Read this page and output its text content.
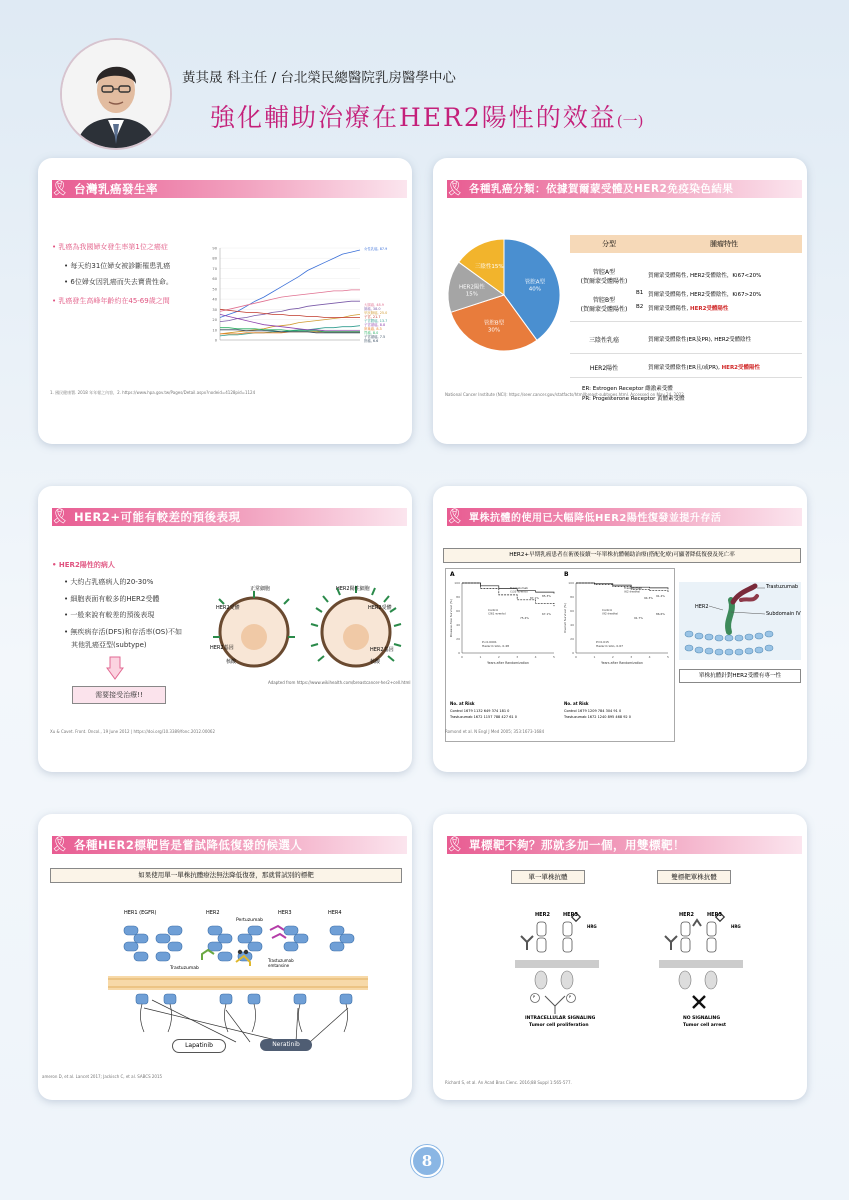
黃其晟 科主任 / 台北榮民總醫院乳房醫學中心
強化輔助治療在HER2陽性的效益(一)
🎗 台灣乳癌發生率
• 乳癌為我國婦女發生率第1位之癌症
• 每天約31位婦女被診斷罹患乳癌
• 6位婦女因乳癌而失去寶貴性命。
• 乳癌發生高峰年齡約在45-69歲之間
90
80
70
60
50
40
30
20
10
0
女性乳癌, 87.9
大腸癌, 48.9
肺癌, 38.0
甲狀腺癌, 25.0
子宮, 21.7
子宮體癌, 13.7
子宮頸癌, 8.8
卵巢癌, 8.3
胃癌, 8.0
子宮頸癌, 7.5
肝癌, 6.6
1. 國民健康署. 2018 年年報之內容，2. https://www.hpa.gov.tw/Pages/Detail.aspx?nodeid=4128pid=1124
🎗 各種乳癌分類：依據賀爾蒙受體及HER2免疫染色結果
管腔A型
40%
管腔B型
30%
HER2陽性
15%
三陰性15%
分型	腫瘤特性
管腔A型
(賀爾蒙受體陽性)
賀爾蒙受體陽性, HER2受體陰性，Ki67<20%
管腔B型
(賀爾蒙受體陽性)
B1 賀爾蒙受體陽性, HER2受體陰性，Ki67>20%
B2 賀爾蒙受體陽性, HER2受體陽性
三陰性乳癌	賀爾蒙受體陰性(ER及PR), HER2受體陰性
HER2陽性	賀爾蒙受體陰性(ER且/或PR), HER2受體陽性
ER: Estrogen Receptor 雌激素受體
PR: Progesterone Receptor 黃體素受體
National Cancer Institute (NCI): https://seer.cancer.gov/statfacts/html/breast-subtypes.html. Accessed on May 24, 2022
🎗 HER2+可能有較差的預後表現
• HER2陽性的病人
• 大約占乳癌病人的20-30%
• 細胞表面有較多的HER2受體
• 一般來說有較差的預後表現
• 無疾病存活(DFS)和存活率(OS)不如
其他乳癌亞型(subtype)
需要接受治療!!
正常細胞	HER2陽性細胞
HER2受體	HER2受體
HER2基因	HER2基因
核酸	核酸
Adapted from https://www.wikihealth.com/breastcancer-her2+cell.html
Xu & Cavet. Front. Oncol., 19 June 2012 | https://doi.org/10.3389/fonc.2012.00062
🎗 單株抗體的使用已大幅降低HER2陽性復發並提升存活
HER2+早期乳癌患者在術後接續一年單株抗體輔助治療(搭配化療)可顯著降低復發及死亡率
A	B
0
20
40
60
80
100
0	1	2	3	4	5
Disease-free Survival (%)
Years after Randomization
P<0.0001
Hazard ratio, 0.48
Trastuzumab
(133 events)
87.1%
Control
(261 events)
75.4%
85.3%
67.1%
0
20
40
60
80
100
0	1	2	3	4	5
Overall Survival (%)
Years after Randomization
P=0.015
Hazard ratio, 0.67
Trastuzumab
(62 deaths)
94.3%
Control
(92 deaths)
91.7%
91.4%
86.6%
No. at Risk
Control 1679 1132 649 374 181 0
Trastuzumab 1672 1157 788 427 61 0
No. at Risk
Control 1679 1209 784 304 91 0
Trastuzumab 1672 1240 895 468 92 0
Trastuzumab
HER2
Subdomain IV
單株抗體針對HER2受體有專一性
Romond et al. N Engl J Med 2005; 353:1673-1684
🎗 各種HER2標靶皆是嘗試降低復發的候選人
如果使用單一單株抗體療法無法降低復發，那就嘗試別的標靶
HER1 (EGFR)	HER2	HER3	HER4
Pertuzumab
Trastuzumab
Trastuzumab
emtansine
Lapatinib	Neratinib
ameron D, et al. Lancet 2017; Jackisch C, et al. SABCS 2015
🎗 單標靶不夠？那就多加一個，用雙標靶！
單一單株抗體	雙標靶單株抗體
HER2	HER3
HRG
P	P
INTRACELLULAR SIGNALING
Tumor cell proliferation
HER2	HER3
HRG
NO SIGNALING
Tumor cell arrest
Richard S, et al. An Acad Bras Cienc. 2016;88 Suppl 1:565-577.
8
